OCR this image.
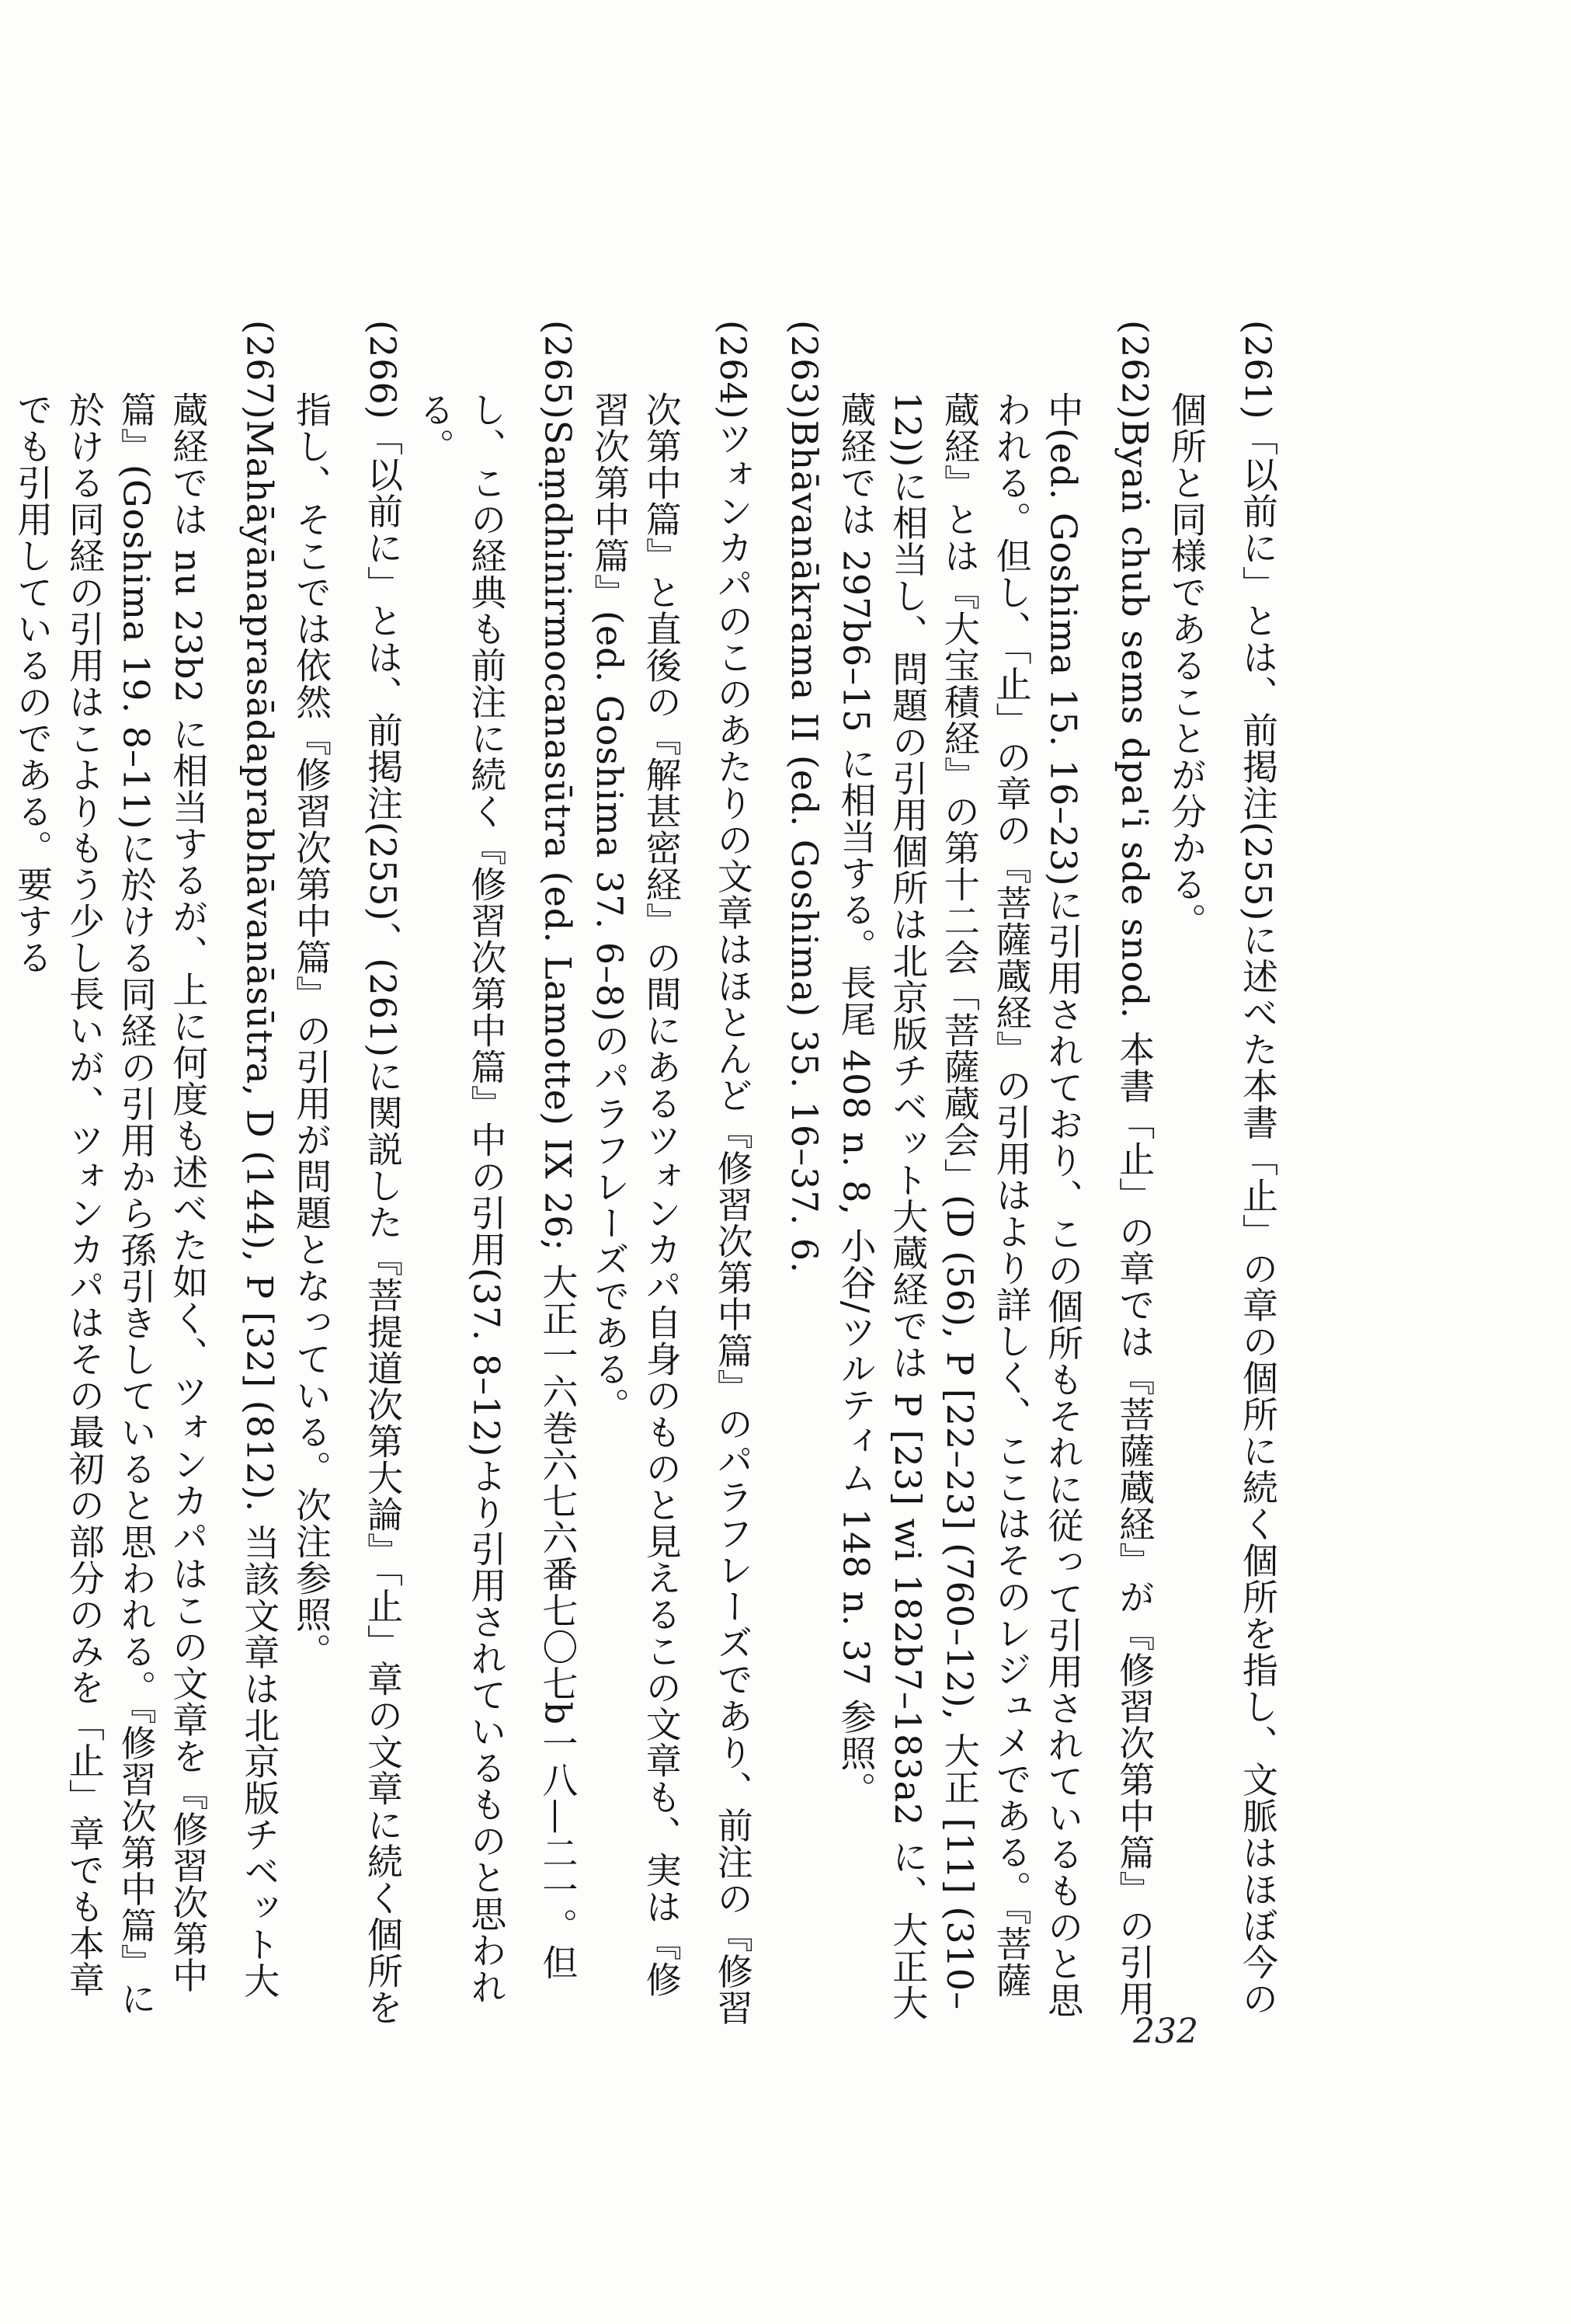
(261)「以前に」とは、前掲注(255)に述べた本書「止」の章の個所に続く個所を指し、文脈はほぼ今の個所と同様であることが分かる。

(262)Byaṅ chub sems dpa'i sde snod. 本書「止」の章では『菩薩蔵経』が『修習次第中篇』の引用中(ed. Goshima 15. 16–23)に引用されており、この個所もそれに従って引用されているものと思われる。但し、「止」の章の『菩薩蔵経』の引用はより詳しく、ここはそのレジュメである。『菩薩蔵経』とは『大宝積経』の第十二会「菩薩蔵会」(D (56), P [22–23] (760–12), 大正 [11] (310–12))に相当し、問題の引用個所は北京版チベット大蔵経では P [23] wi 182b7–183a2 に、大正大蔵経では 297b6–15 に相当する。長尾 408 n. 8, 小谷/ツルティム 148 n. 37 参照。

(263)Bhāvanākrama II (ed. Goshima) 35. 16–37. 6.

(264)ツォンカパのこのあたりの文章はほとんど『修習次第中篇』のパラフレーズであり、前注の『修習次第中篇』と直後の『解甚密経』の間にあるツォンカパ自身のものと見えるこの文章も、実は『修習次第中篇』(ed. Goshima 37. 6–8)のパラフレーズである。

(265)Saṃdhinirmocanasūtra (ed. Lamotte) IX 26; 大正一六巻六七六番七〇七b一八—二一。但し、この経典も前注に続く『修習次第中篇』中の引用(37. 8–12)より引用されているものと思われる。

(266)「以前に」とは、前掲注(255)、(261)に関説した『菩提道次第大論』「止」章の文章に続く個所を指し、そこでは依然『修習次第中篇』の引用が問題となっている。次注参照。

(267)Mahāyānaprasādaprabhāvanāsūtra, D (144), P [32] (812). 当該文章は北京版チベット大蔵経では nu 23b2 に相当するが、上に何度も述べた如く、ツォンカパはこの文章を『修習次第中篇』(Goshima 19. 8–11)に於ける同経の引用から孫引きしていると思われる。『修習次第中篇』に於ける同経の引用はこよりもう少し長いが、ツォンカパはその最初の部分のみを「止」章でも本章でも引用しているのである。要する

232
